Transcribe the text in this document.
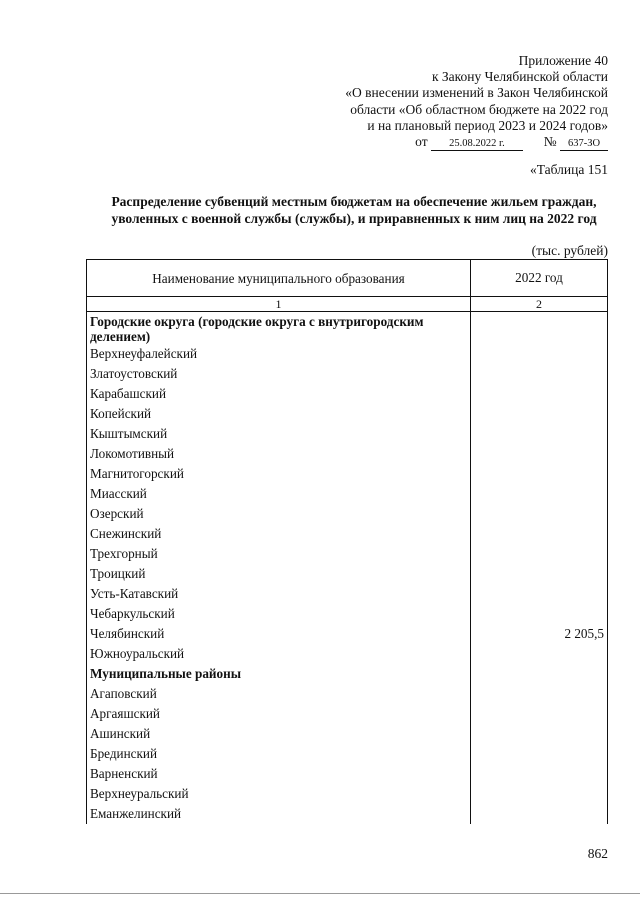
Приложение 40
к Закону Челябинской области
«О внесении изменений в Закон Челябинской
области «Об областном бюджете на 2022 год
и на плановый период 2023 и 2024 годов»
от 25.08.2022 г.	№ 637-ЗО
«Таблица 151
Распределение субвенций местным бюджетам на обеспечение жильем граждан, уволенных с военной службы (службы), и приравненных к ним лиц на 2022 год
(тыс. рублей)
Наименование муниципального образования	2022 год
1	2
Городские округа (городские округа с внутригородским делением)	
Верхнеуфалейский	
Златоустовский	
Карабашский	
Копейский	
Кыштымский	
Локомотивный	
Магнитогорский	
Миасский	
Озерский	
Снежинский	
Трехгорный	
Троицкий	
Усть-Катавский	
Чебаркульский	
Челябинский	2 205,5
Южноуральский	
Муниципальные районы	
Агаповский	
Аргаяшский	
Ашинский	
Брединский	
Варненский	
Верхнеуральский	
Еманжелинский	
862
